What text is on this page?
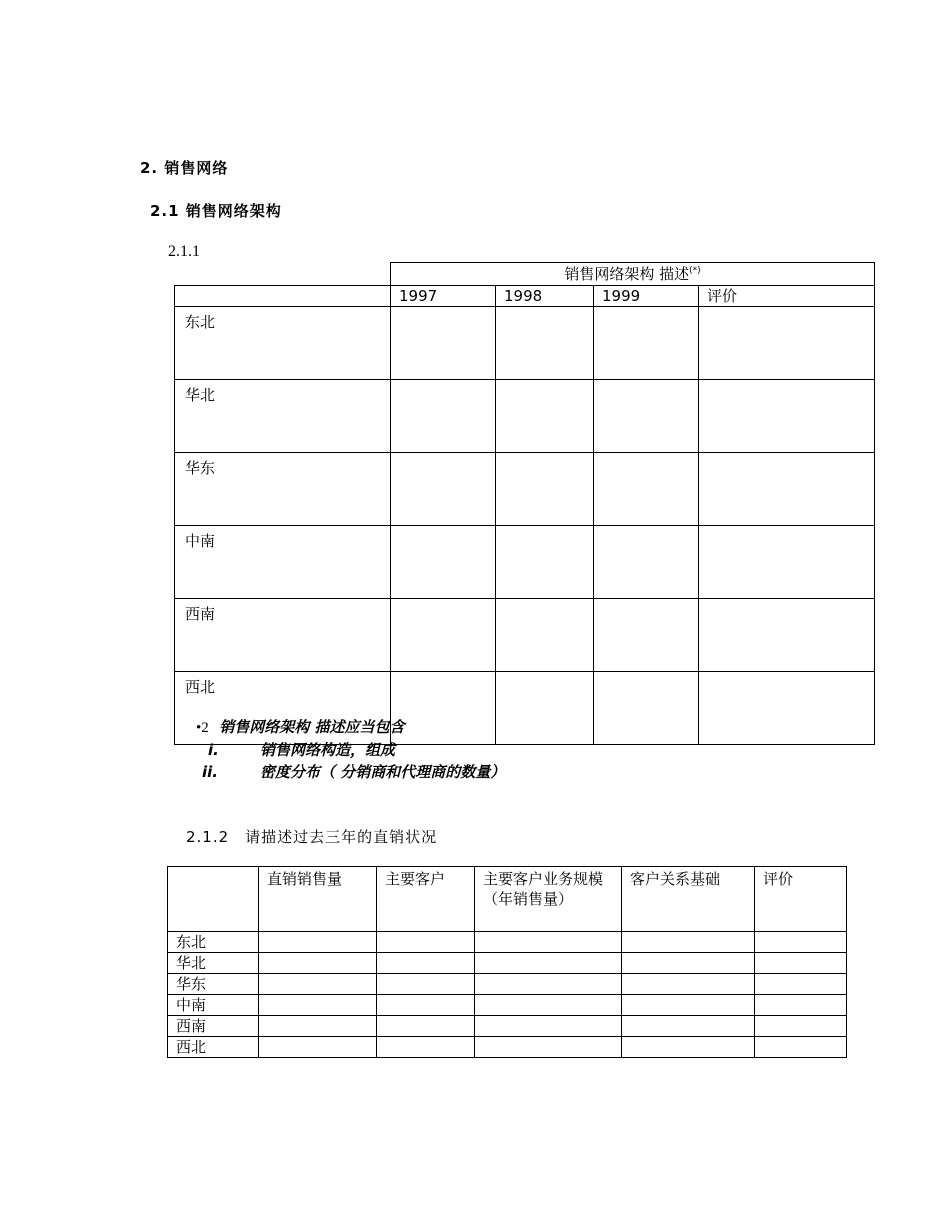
2. 销售网络
2.1 销售网络架构
2.1.1
	销售网络架构 描述(*)
	1997	1998	1999	评价
东北				
华北				
华东				
中南				
西南				
西北				
•2 销售网络架构 描述应当包含
i.	销售网络构造，组成
ii.	密度分布（ 分销商和代理商的数量）
2.1.2 请描述过去三年的直销状况
	直销销售量	主要客户	主要客户业务规模（年销售量）	客户关系基础	评价
东北					
华北					
华东					
中南					
西南					
西北					
